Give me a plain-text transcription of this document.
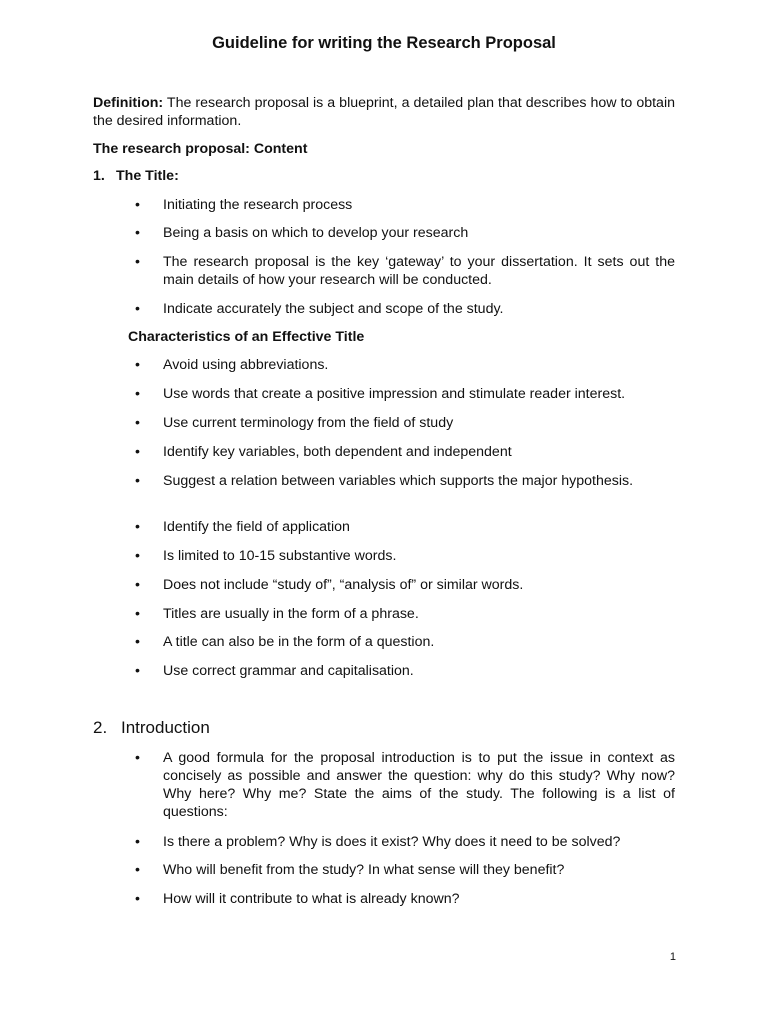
Guideline for writing the Research Proposal
Definition: The research proposal is a blueprint, a detailed plan that describes how to obtain the desired information.
The research proposal: Content
1. The Title:
•	Initiating the research process
•	Being a basis on which to develop your research
•	The research proposal is the key ‘gateway’ to your dissertation. It sets out the main details of how your research will be conducted.
•	Indicate accurately the subject and scope of the study.
Characteristics of an Effective Title
•	Avoid using abbreviations.
•	Use words that create a positive impression and stimulate reader interest.
•	Use current terminology from the field of study
•	Identify key variables, both dependent and independent
•	Suggest a relation between variables which supports the major hypothesis.
•	Identify the field of application
•	Is limited to 10-15 substantive words.
•	Does not include “study of”, “analysis of” or similar words.
•	Titles are usually in the form of a phrase.
•	A title can also be in the form of a question.
•	Use correct grammar and capitalisation.
2. Introduction
•	A good formula for the proposal introduction is to put the issue in context as concisely as possible and answer the question: why do this study? Why now? Why here? Why me? State the aims of the study. The following is a list of questions:
•	Is there a problem? Why is does it exist? Why does it need to be solved?
•	Who will benefit from the study? In what sense will they benefit?
•	How will it contribute to what is already known?
1
